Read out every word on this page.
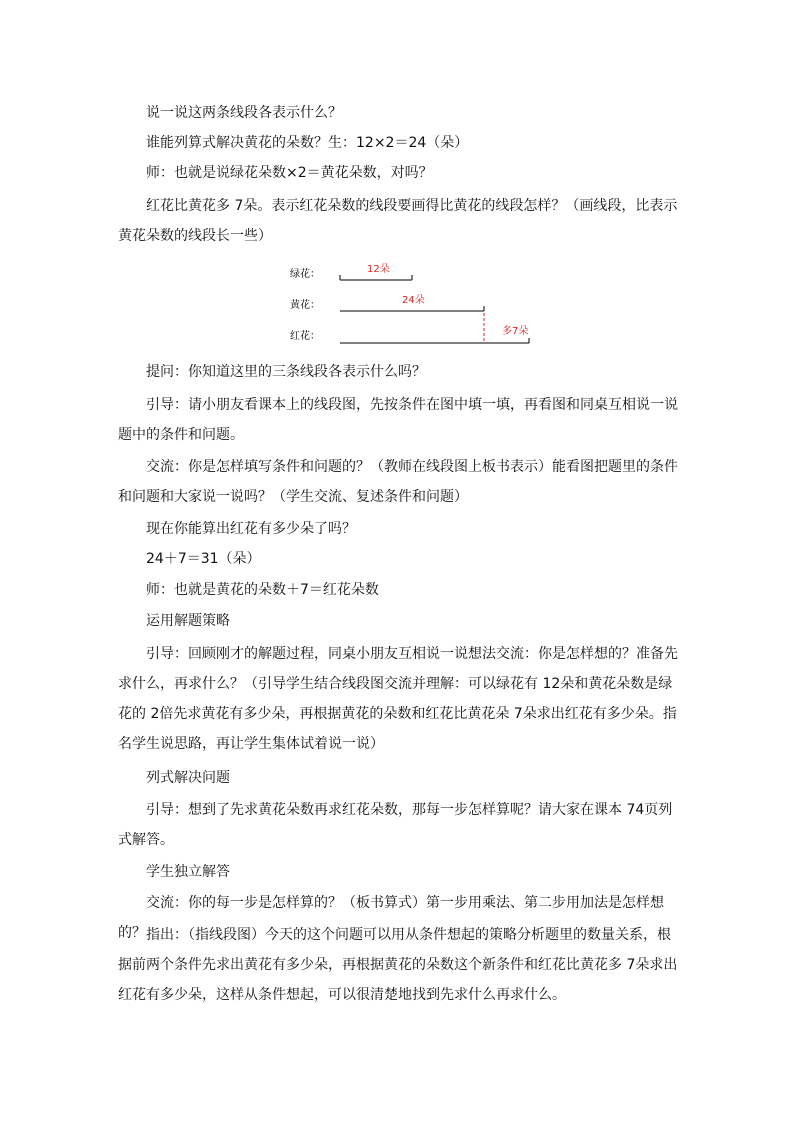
说一说这两条线段各表示什么？

谁能列算式解决黄花的朵数？生：12×2＝24（朵）

师：也就是说绿花朵数×2＝黄花朵数，对吗？

红花比黄花多 7朵。表示红花朵数的线段要画得比黄花的线段怎样？（画线段，比表示黄花朵数的线段长一些）

绿花：	12朵
黄花：	24朵
红花：	多7朵

提问：你知道这里的三条线段各表示什么吗？

引导：请小朋友看课本上的线段图，先按条件在图中填一填，再看图和同桌互相说一说题中的条件和问题。

交流：你是怎样填写条件和问题的？（教师在线段图上板书表示）能看图把题里的条件和问题和大家说一说吗？（学生交流、复述条件和问题）

现在你能算出红花有多少朵了吗？

24＋7＝31（朵）

师：也就是黄花的朵数＋7＝红花朵数

运用解题策略

引导：回顾刚才的解题过程，同桌小朋友互相说一说想法交流：你是怎样想的？准备先求什么，再求什么？（引导学生结合线段图交流并理解：可以绿花有 12朵和黄花朵数是绿花的 2倍先求黄花有多少朵，再根据黄花的朵数和红花比黄花朵 7朵求出红花有多少朵。指名学生说思路，再让学生集体试着说一说）

列式解决问题

引导：想到了先求黄花朵数再求红花朵数，那每一步怎样算呢？请大家在课本 74页列式解答。

学生独立解答

交流：你的每一步是怎样算的？（板书算式）第一步用乘法、第二步用加法是怎样想的？ 指出：（指线段图）今天的这个问题可以用从条件想起的策略分析题里的数量关系，根据前两个条件先求出黄花有多少朵，再根据黄花的朵数这个新条件和红花比黄花多 7朵求出红花有多少朵，这样从条件想起，可以很清楚地找到先求什么再求什么。
